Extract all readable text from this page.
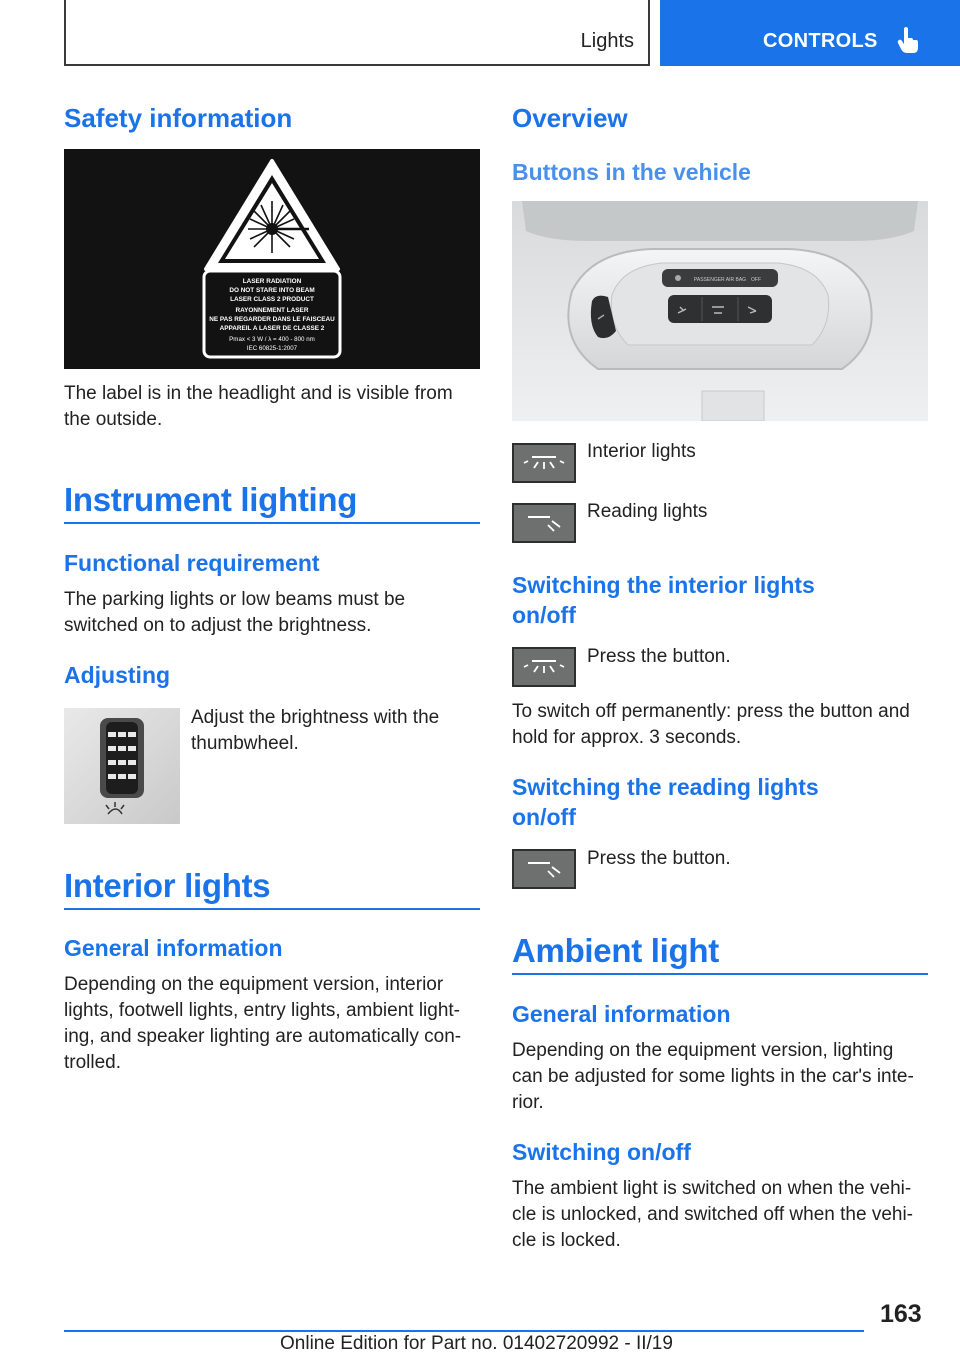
Lights	CONTROLS
Safety information
LASER RADIATION
DO NOT STARE INTO BEAM
LASER CLASS 2 PRODUCT
RAYONNEMENT LASER
NE PAS REGARDER DANS LE FAISCEAU
APPAREIL A LASER DE CLASSE 2
Pmax < 3 W / λ = 400 - 800 nm
IEC 60825-1:2007
The label is in the headlight and is visible from
the outside.
Instrument lighting
Functional requirement
The parking lights or low beams must be
switched on to adjust the brightness.
Adjusting
Adjust the brightness with the
thumbwheel.
Interior lights
General information
Depending on the equipment version, interior
lights, footwell lights, entry lights, ambient light-
ing, and speaker lighting are automatically con-
trolled.
Overview
Buttons in the vehicle
PASSENGER AIR BAG OFF
Interior lights
Reading lights
Switching the interior lights
on/off
Press the button.
To switch off permanently: press the button and
hold for approx. 3 seconds.
Switching the reading lights
on/off
Press the button.
Ambient light
General information
Depending on the equipment version, lighting
can be adjusted for some lights in the car's inte-
rior.
Switching on/off
The ambient light is switched on when the vehi-
cle is unlocked, and switched off when the vehi-
cle is locked.
163
Online Edition for Part no. 01402720992 - II/19
